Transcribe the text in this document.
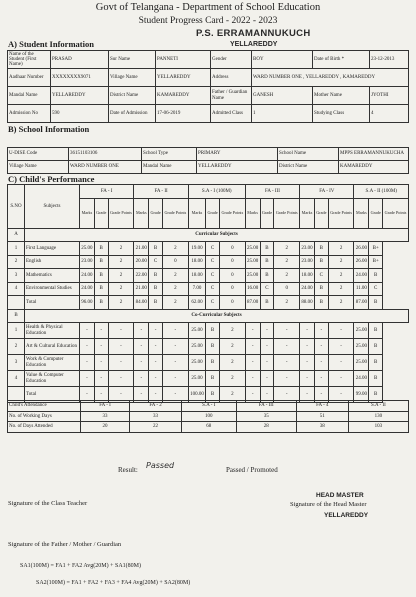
Govt of Telangana - Department of School Education
Student Progress Card - 2022 - 2023
P.S. ERRAMANNUKUCH
YELLAREDDY
A) Student Information
Name of the Student (First Name)	PRASAD	Sur Name	PANNETI	Gender	BOY	Date of Birth *	23-12-2013
Aadhaar Number	XXXXXXXX9071	Village Name	YELLAREDDY	Address	WARD NUMBER ONE , YELLAREDDY , KAMAREDDY		
Mandal Name	YELLAREDDY	District Name	KAMAREDDY	Father / Guardian Name	GANESH	Mother Name	JYOTHI
Admission No	590	Date of Admission	17-06-2019	Admitted Class	1	Studying Class	4
B) School Information
U-DISE Code	36151103106	School Type	PRIMARY	School Name	MPPS ERRAMANNUKUCHA
Village Name	WARD NUMBER ONE	Mandal Name	YELLAREDDY	District Name	KAMAREDDY
C) Child's Performance
S.NO	Subjects	FA - I			FA - II			S.A - I (100M)			FA - III			FA - IV			S.A - II (100M)		
		Marks	Grade	Grade Points	Marks	Grade	Grade Points	Marks	Grade	Grade Points	Marks	Grade	Grade Points	Marks	Grade	Grade Points	Marks	Grade	Grade Points
A	Curricular Subjects																		
1	First Language	25.00	B	2	21.00	B	2	19.00	C	0	25.00	B	2	23.00	B	2	26.00	B+	
2	English	23.00	B	2	20.00	C	0	18.00	C	0	25.00	B	2	23.00	B	2	26.00	B+	
3	Mathematics	24.00	B	2	22.00	B	2	18.00	C	0	25.00	B	2	18.00	C	2	24.00	B	
4	Environmental Studies	24.00	B	2	21.00	B	2	7.00	C	0	16.00	C	0	24.00	B	2	11.00	C	
	Total	96.00	B	2	84.00	B	2	62.00	C	0	87.00	B	2	88.00	B	2	87.00	B	
B	Co-Curricular Subjects																		
1	Health & Physical Education	-	-	-	-	-	-	25.00	B	2	-	-	-	-	-	-	25.00	B	
2	Art & Cultural Education	-	-	-	-	-	-	25.00	B	2	-	-	-	-	-	-	25.00	B	
3	Work & Computer Education	-	-	-	-	-	-	25.00	B	2	-	-	-	-	-	-	25.00	B	
4	Value & Computer Education	-	-	-	-	-	-	25.00	B	2	-	-	-	-	-	-	24.00	B	
	Total	-	-	-	-	-	-	100.00	B	2	-	-	-	-	-	-	99.00	B	
Child's Attendance	FA - I	FA - 2	S.A - I	FA - III	FA - 4	S.A - II
No. of Working Days	33	33	100	35	51	130
No. of Days Attended	20	22	68	28	38	103
Result: Passed	Passed / Promoted
Signature of the Class Teacher
HEAD MASTER
Signature of the Head Master
YELLAREDDY
Signature of the Father / Mother / Guardian
SA1(100M) = FA1 + FA2 Avg(20M) + SA1(80M)
SA2(100M) = FA1 + FA2 + FA3 + FA4 Avg(20M) + SA2(80M)
